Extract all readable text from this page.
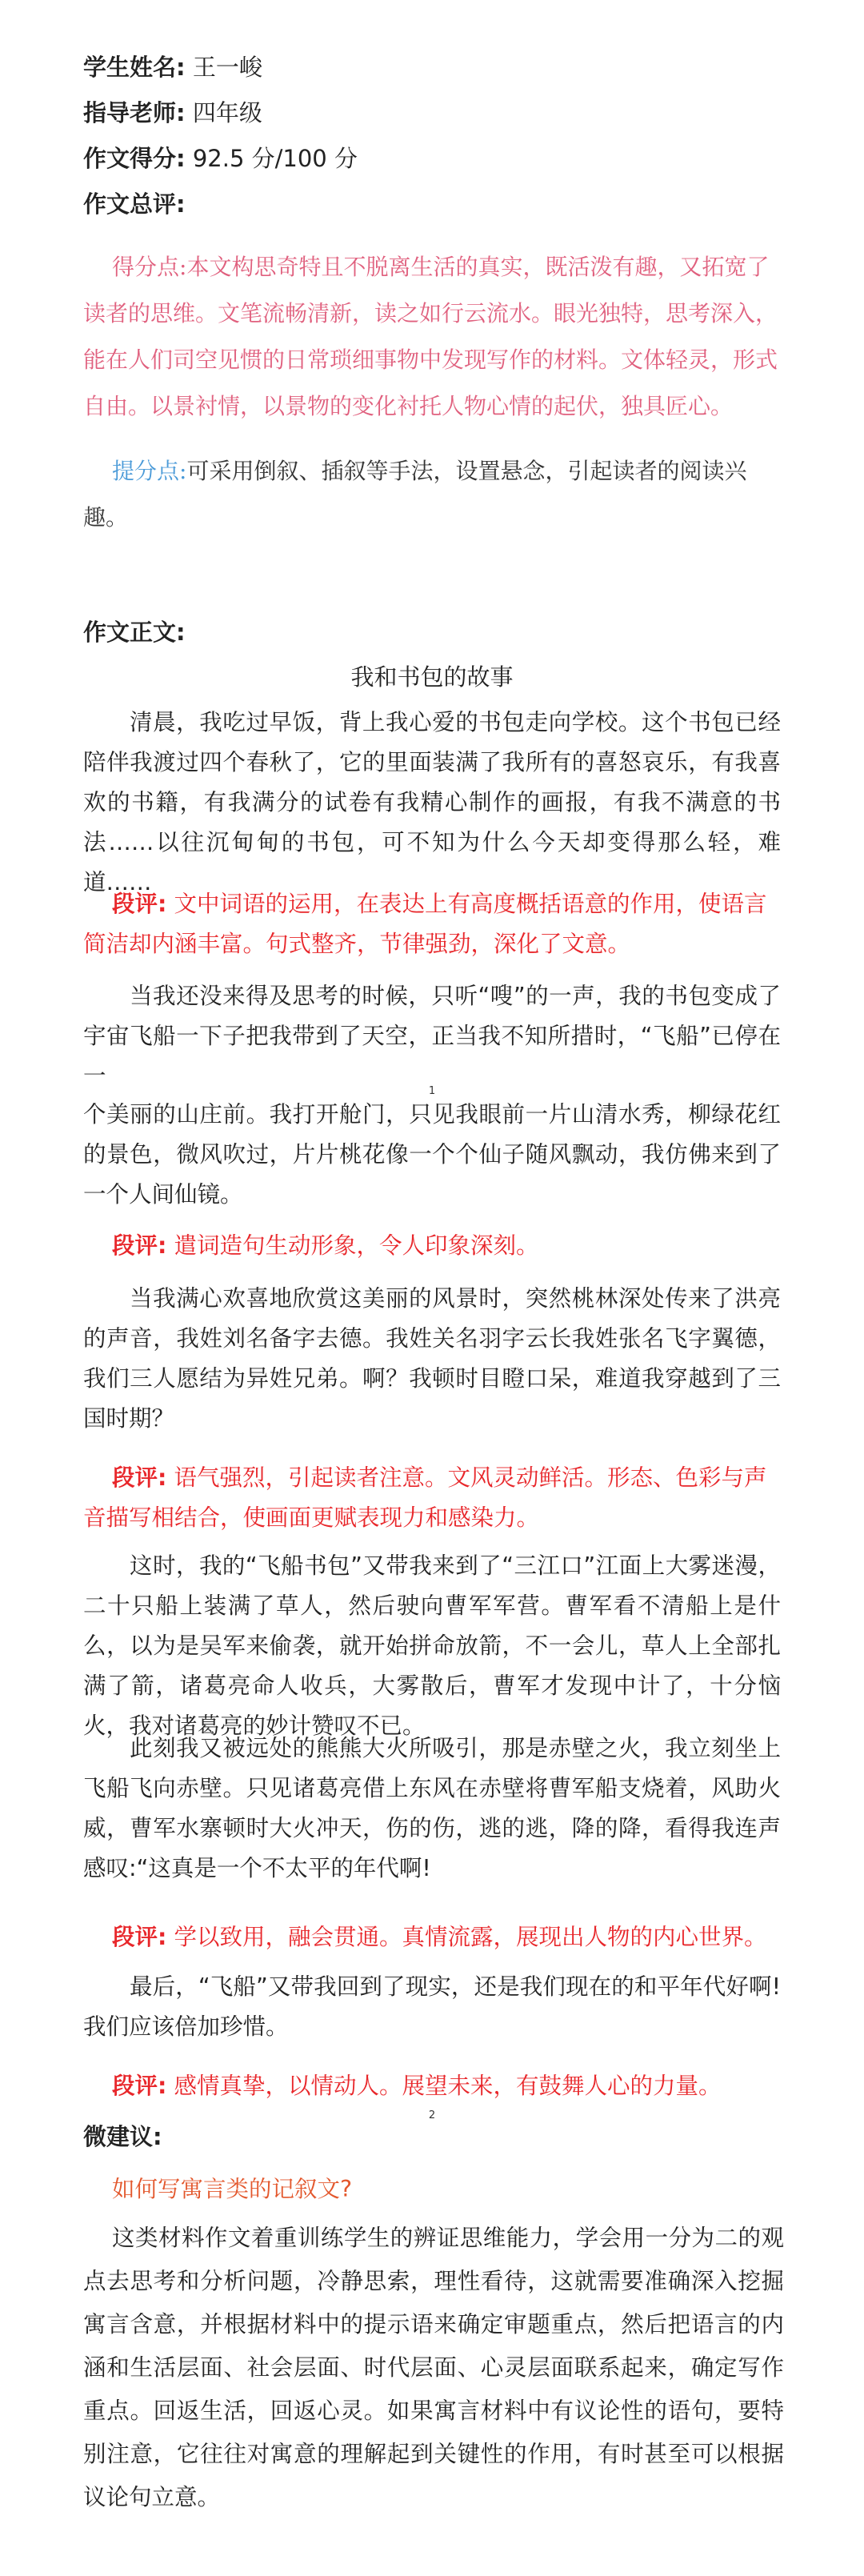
学生姓名: 王一峻
指导老师: 四年级
作文得分: 92.5 分/100 分
作文总评:
得分点:本文构思奇特且不脱离生活的真实，既活泼有趣，又拓宽了读者的思维。文笔流畅清新，读之如行云流水。眼光独特，思考深入，能在人们司空见惯的日常琐细事物中发现写作的材料。文体轻灵，形式自由。以景衬情，以景物的变化衬托人物心情的起伏，独具匠心。
提分点:可采用倒叙、插叙等手法，设置悬念，引起读者的阅读兴趣。
作文正文:
我和书包的故事
清晨，我吃过早饭，背上我心爱的书包走向学校。这个书包已经陪伴我渡过四个春秋了，它的里面装满了我所有的喜怒哀乐，有我喜欢的书籍，有我满分的试卷有我精心制作的画报，有我不满意的书法……以往沉甸甸的书包，可不知为什么今天却变得那么轻，难道……
段评: 文中词语的运用，在表达上有高度概括语意的作用，使语言简洁却内涵丰富。句式整齐，节律强劲，深化了文意。
当我还没来得及思考的时候，只听“嗖”的一声，我的书包变成了宇宙飞船一下子把我带到了天空，正当我不知所措时，“飞船”已停在一
1
个美丽的山庄前。我打开舱门，只见我眼前一片山清水秀，柳绿花红的景色，微风吹过，片片桃花像一个个仙子随风飘动，我仿佛来到了一个人间仙镜。
段评: 遣词造句生动形象，令人印象深刻。
当我满心欢喜地欣赏这美丽的风景时，突然桃林深处传来了洪亮的声音，我姓刘名备字去德。我姓关名羽字云长我姓张名飞字翼德，我们三人愿结为异姓兄弟。啊？我顿时目瞪口呆，难道我穿越到了三国时期？
段评: 语气强烈，引起读者注意。文风灵动鲜活。形态、色彩与声音描写相结合，使画面更赋表现力和感染力。
这时，我的“飞船书包”又带我来到了“三江口”江面上大雾迷漫，二十只船上装满了草人，然后驶向曹军军营。曹军看不清船上是什么，以为是吴军来偷袭，就开始拼命放箭，不一会儿，草人上全部扎满了箭，诸葛亮命人收兵，大雾散后，曹军才发现中计了，十分恼火，我对诸葛亮的妙计赞叹不已。
此刻我又被远处的熊熊大火所吸引，那是赤壁之火，我立刻坐上飞船飞向赤壁。只见诸葛亮借上东风在赤壁将曹军船支烧着，风助火威，曹军水寨顿时大火冲天，伤的伤，逃的逃，降的降，看得我连声感叹:“这真是一个不太平的年代啊!
段评: 学以致用，融会贯通。真情流露，展现出人物的内心世界。
最后，“飞船”又带我回到了现实，还是我们现在的和平年代好啊!我们应该倍加珍惜。
段评: 感情真挚，以情动人。展望未来，有鼓舞人心的力量。
2
微建议:
如何写寓言类的记叙文?
这类材料作文着重训练学生的辨证思维能力，学会用一分为二的观点去思考和分析问题，冷静思索，理性看待，这就需要准确深入挖掘寓言含意，并根据材料中的提示语来确定审题重点，然后把语言的内涵和生活层面、社会层面、时代层面、心灵层面联系起来，确定写作重点。回返生活，回返心灵。如果寓言材料中有议论性的语句，要特别注意，它往往对寓意的理解起到关键性的作用，有时甚至可以根据议论句立意。
